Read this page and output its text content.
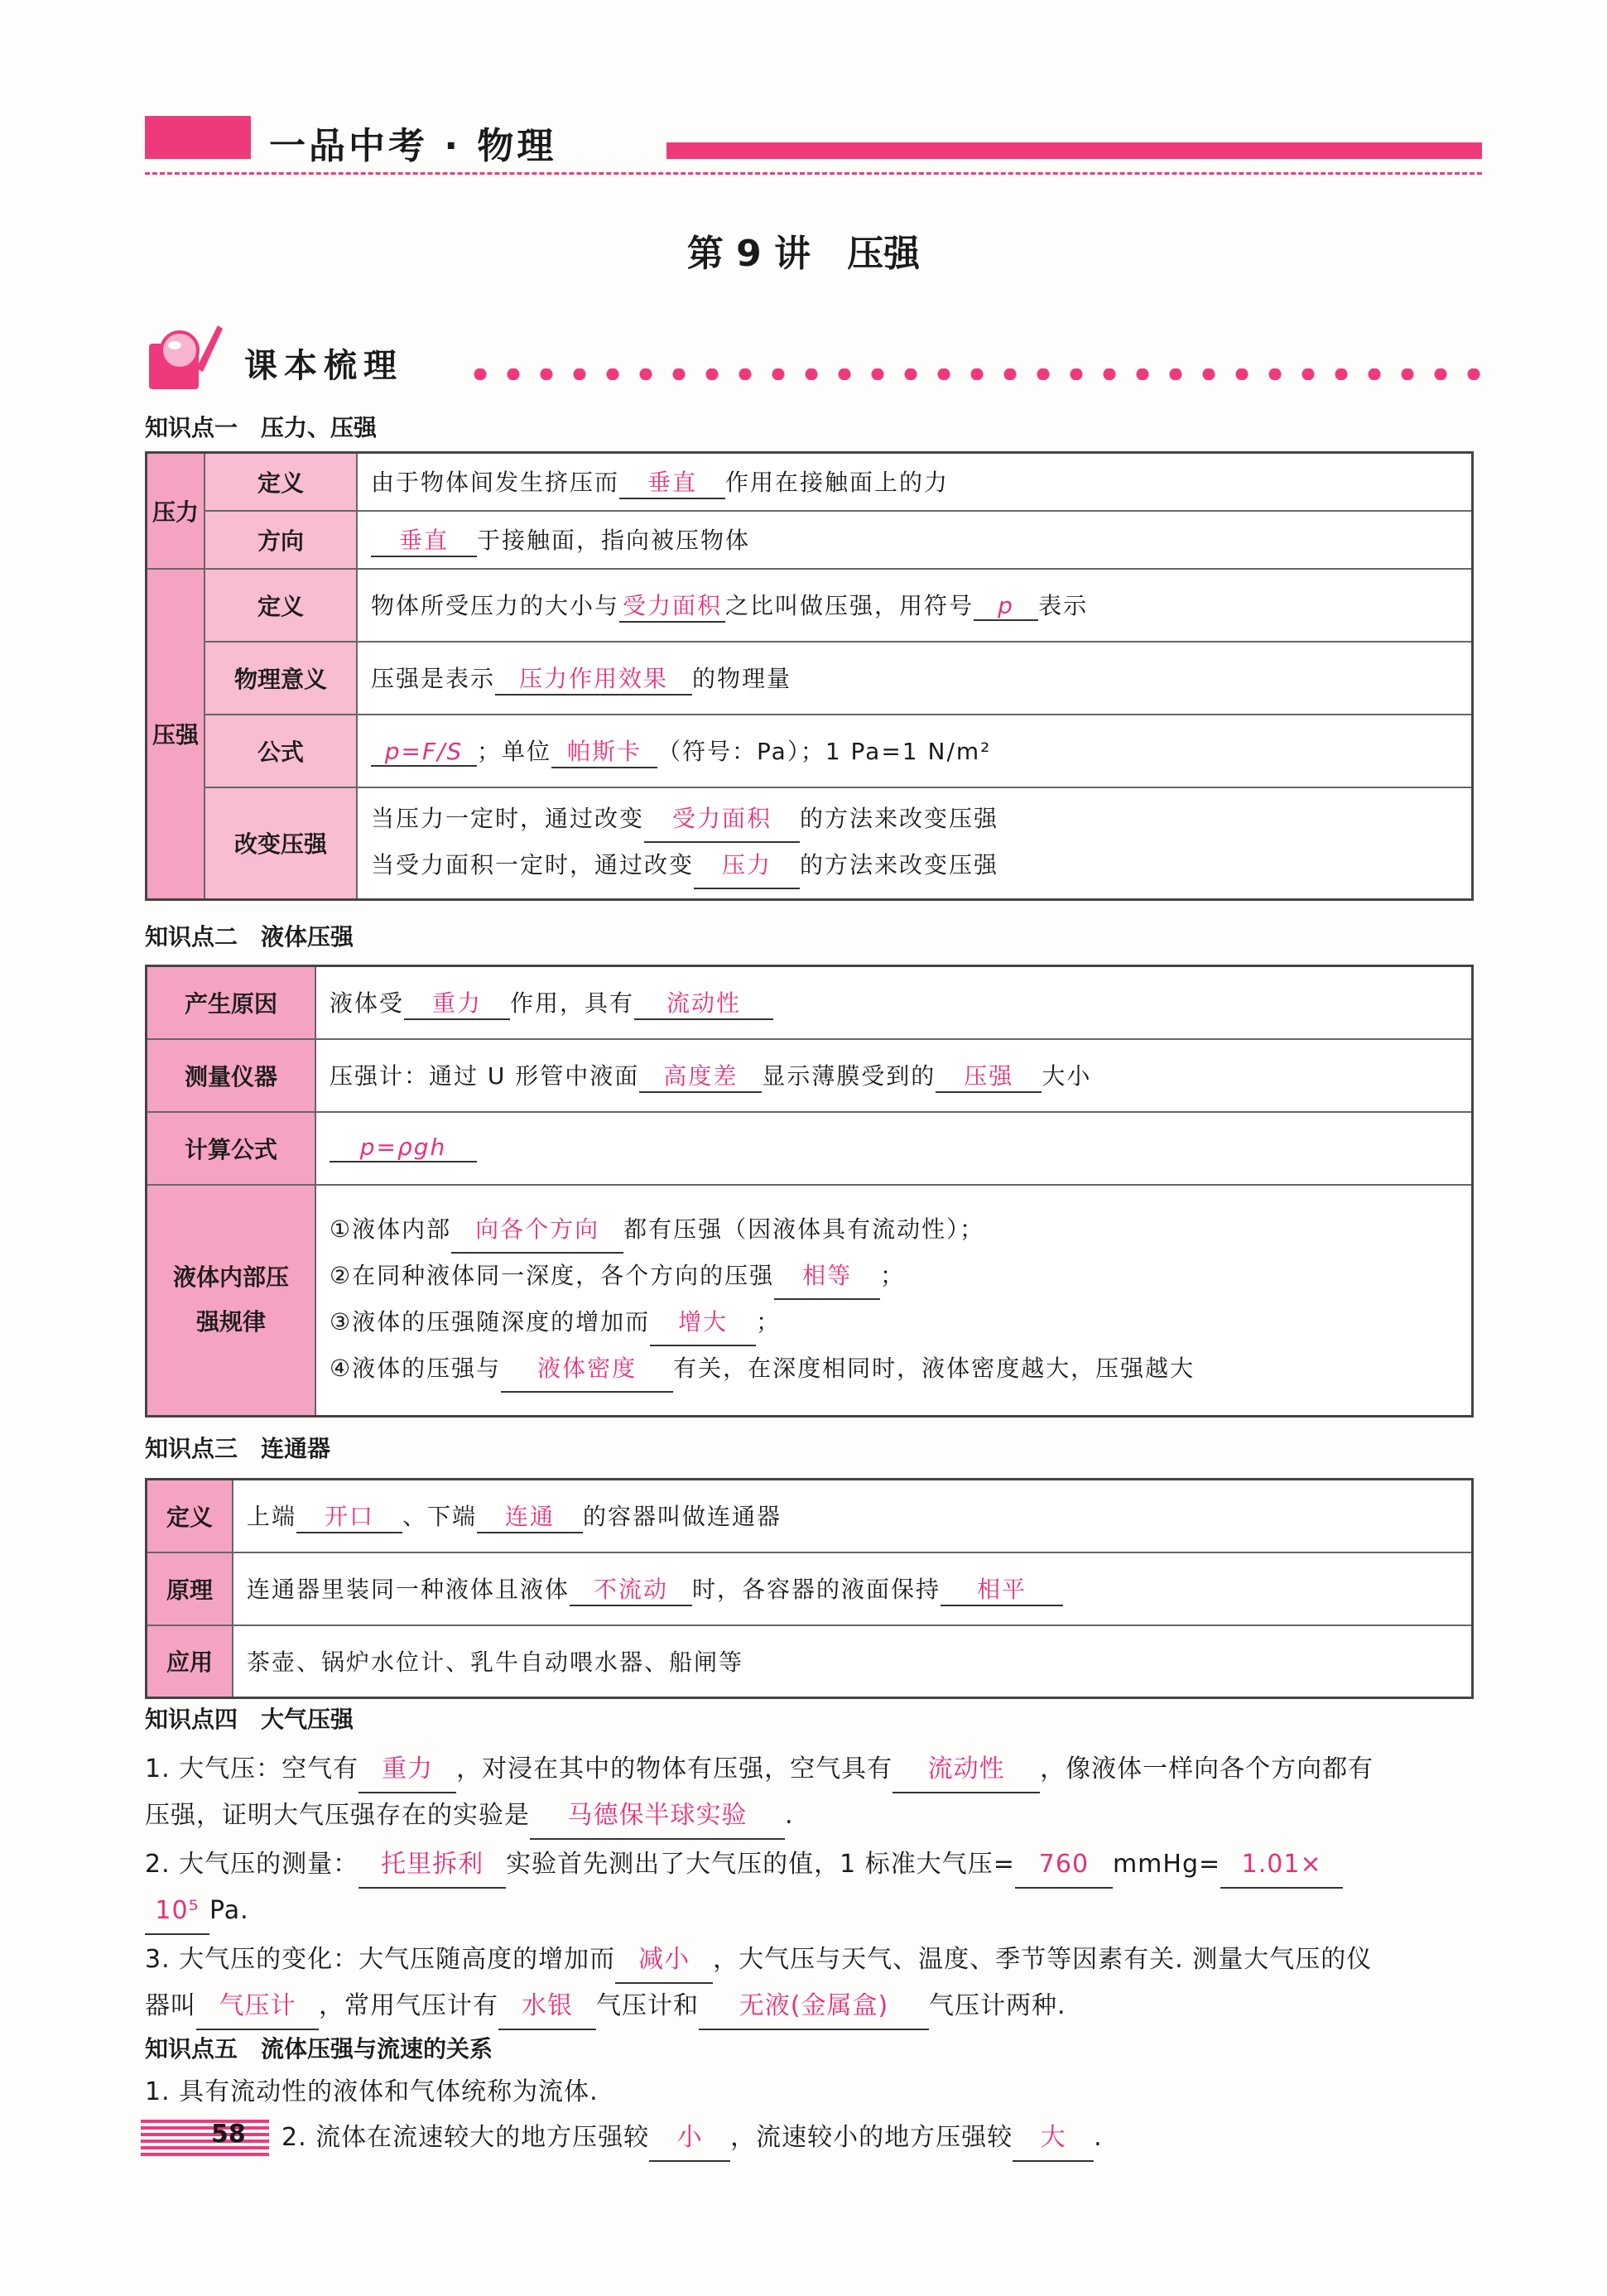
一品中考 · 物理
第 9 讲　压强
课本梳理
知识点一　压力、压强
压力	定义	由于物体间发生挤压而 垂直 作用在接触面上的力
	方向	垂直 于接触面，指向被压物体
压强	定义	物体所受压力的大小与 受力面积 之比叫做压强，用符号 p 表示
	物理意义	压强是表示 压力作用效果 的物理量
	公式	p=F/S ；单位 帕斯卡 （符号：Pa）；1 Pa=1 N/m²
	改变压强	当压力一定时，通过改变 受力面积 的方法来改变压强
当受力面积一定时，通过改变 压力 的方法来改变压强
知识点二　液体压强
产生原因	液体受 重力 作用，具有 流动性
测量仪器	压强计：通过 U 形管中液面 高度差 显示薄膜受到的 压强 大小
计算公式	p=ρgh
液体内部压强规律	①液体内部 向各个方向 都有压强（因液体具有流动性）；
②在同种液体同一深度，各个方向的压强 相等 ；
③液体的压强随深度的增加而 增大 ；
④液体的压强与 液体密度 有关，在深度相同时，液体密度越大，压强越大
知识点三　连通器
定义	上端 开口 、下端 连通 的容器叫做连通器
原理	连通器里装同一种液体且液体 不流动 时，各容器的液面保持 相平
应用	茶壶、锅炉水位计、乳牛自动喂水器、船闸等
知识点四　大气压强
1. 大气压：空气有 重力 ，对浸在其中的物体有压强，空气具有 流动性 ，像液体一样向各个方向都有
压强，证明大气压强存在的实验是 马德保半球实验 .
2. 大气压的测量： 托里拆利 实验首先测出了大气压的值，1 标准大气压= 760 mmHg= 1.01×
10⁵ Pa.
3. 大气压的变化：大气压随高度的增加而 减小 ，大气压与天气、温度、季节等因素有关. 测量大气压的仪
器叫 气压计 ，常用气压计有 水银 气压计和 无液(金属盒) 气压计两种.
知识点五　流体压强与流速的关系
1. 具有流动性的液体和气体统称为流体.
2. 流体在流速较大的地方压强较 小 ，流速较小的地方压强较 大 .
58
